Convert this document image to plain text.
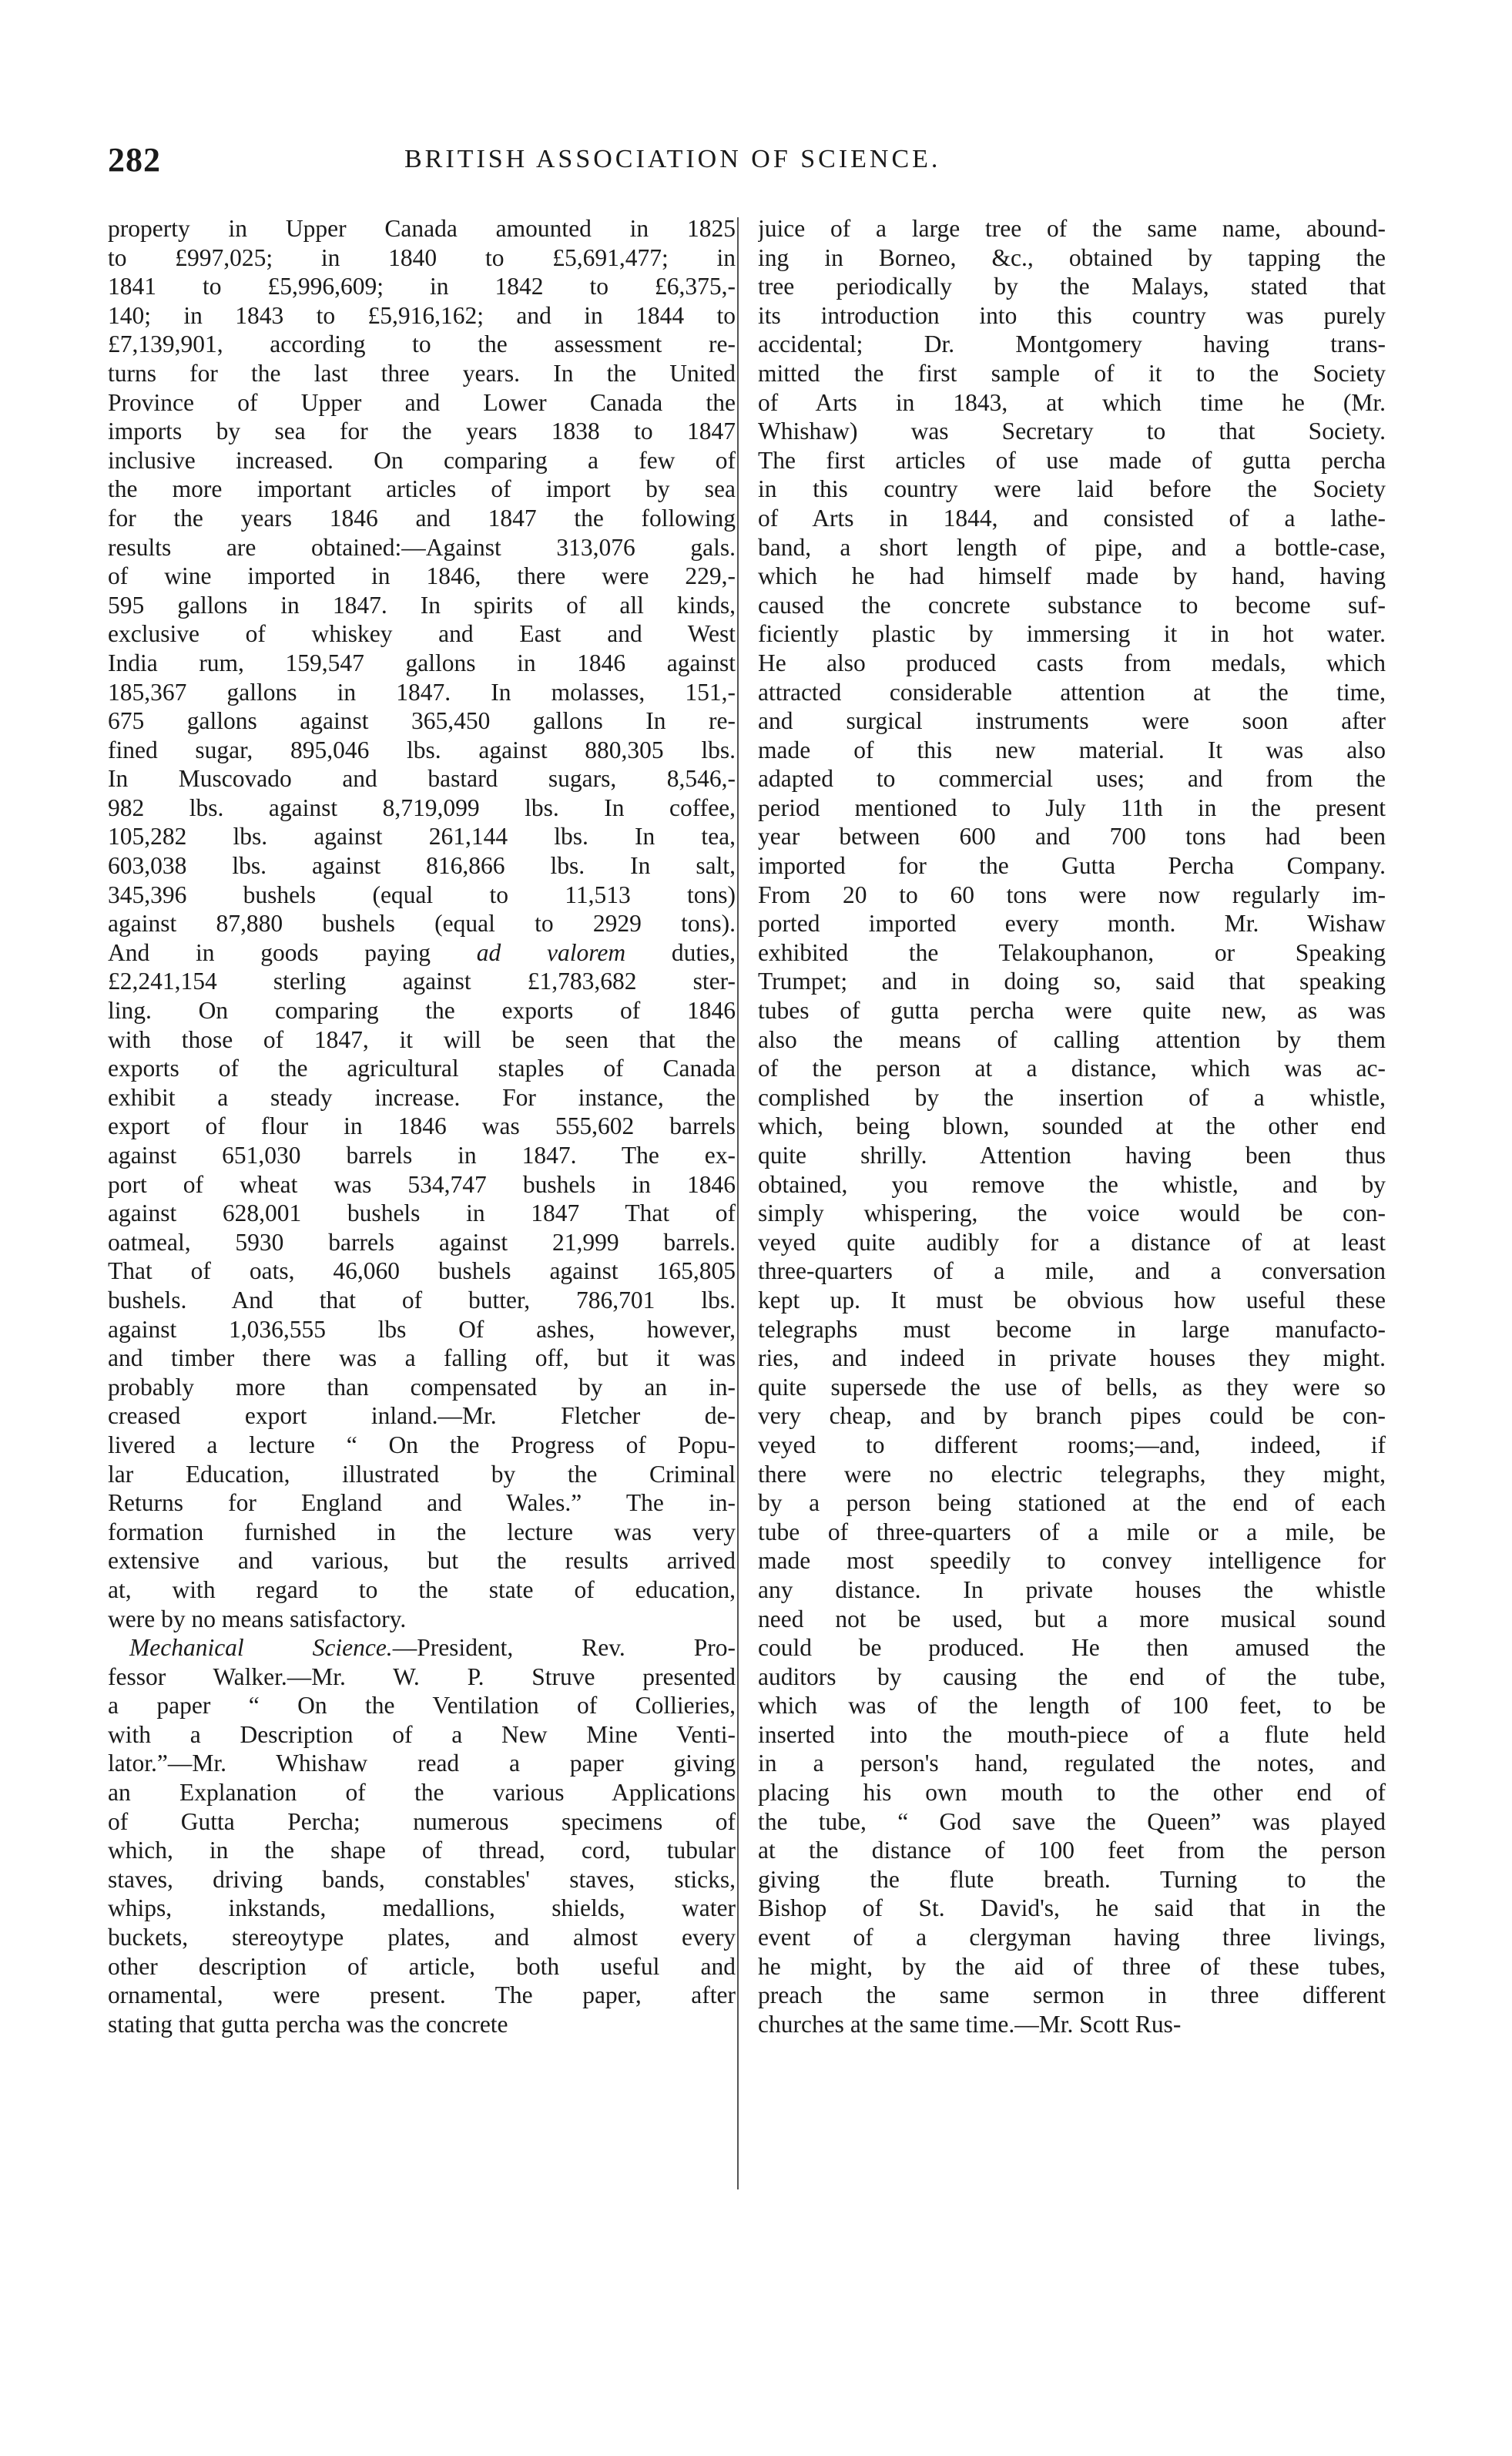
282	BRITISH ASSOCIATION OF SCIENCE.
property in Upper Canada amounted in 1825
to £997,025; in 1840 to £5,691,477; in
1841 to £5,996,609; in 1842 to £6,375,-
140; in 1843 to £5,916,162; and in 1844 to
£7,139,901, according to the assessment re-
turns for the last three years. In the United
Province of Upper and Lower Canada the
imports by sea for the years 1838 to 1847
inclusive increased. On comparing a few of
the more important articles of import by sea
for the years 1846 and 1847 the following
results are obtained:—Against 313,076 gals.
of wine imported in 1846, there were 229,-
595 gallons in 1847. In spirits of all kinds,
exclusive of whiskey and East and West
India rum, 159,547 gallons in 1846 against
185,367 gallons in 1847. In molasses, 151,-
675 gallons against 365,450 gallons In re-
fined sugar, 895,046 lbs. against 880,305 lbs.
In Muscovado and bastard sugars, 8,546,-
982 lbs. against 8,719,099 lbs. In coffee,
105,282 lbs. against 261,144 lbs. In tea,
603,038 lbs. against 816,866 lbs. In salt,
345,396 bushels (equal to 11,513 tons)
against 87,880 bushels (equal to 2929 tons).
And in goods paying ad valorem duties,
£2,241,154 sterling against £1,783,682 ster-
ling. On comparing the exports of 1846
with those of 1847, it will be seen that the
exports of the agricultural staples of Canada
exhibit a steady increase. For instance, the
export of flour in 1846 was 555,602 barrels
against 651,030 barrels in 1847. The ex-
port of wheat was 534,747 bushels in 1846
against 628,001 bushels in 1847 That of
oatmeal, 5930 barrels against 21,999 barrels.
That of oats, 46,060 bushels against 165,805
bushels. And that of butter, 786,701 lbs.
against 1,036,555 lbs Of ashes, however,
and timber there was a falling off, but it was
probably more than compensated by an in-
creased export inland.—Mr. Fletcher de-
livered a lecture “ On the Progress of Popu-
lar Education, illustrated by the Criminal
Returns for England and Wales.” The in-
formation furnished in the lecture was very
extensive and various, but the results arrived
at, with regard to the state of education,
were by no means satisfactory.
Mechanical Science.—President, Rev. Pro-
fessor Walker.—Mr. W. P. Struve presented
a paper “ On the Ventilation of Collieries,
with a Description of a New Mine Venti-
lator.”—Mr. Whishaw read a paper giving
an Explanation of the various Applications
of Gutta Percha; numerous specimens of
which, in the shape of thread, cord, tubular
staves, driving bands, constables' staves, sticks,
whips, inkstands, medallions, shields, water
buckets, stereoytype plates, and almost every
other description of article, both useful and
ornamental, were present. The paper, after
stating that gutta percha was the concrete
juice of a large tree of the same name, abound-
ing in Borneo, &c., obtained by tapping the
tree periodically by the Malays, stated that
its introduction into this country was purely
accidental; Dr. Montgomery having trans-
mitted the first sample of it to the Society
of Arts in 1843, at which time he (Mr.
Whishaw) was Secretary to that Society.
The first articles of use made of gutta percha
in this country were laid before the Society
of Arts in 1844, and consisted of a lathe-
band, a short length of pipe, and a bottle-case,
which he had himself made by hand, having
caused the concrete substance to become suf-
ficiently plastic by immersing it in hot water.
He also produced casts from medals, which
attracted considerable attention at the time,
and surgical instruments were soon after
made of this new material. It was also
adapted to commercial uses; and from the
period mentioned to July 11th in the present
year between 600 and 700 tons had been
imported for the Gutta Percha Company.
From 20 to 60 tons were now regularly im-
ported imported every month. Mr. Wishaw
exhibited the Telakouphanon, or Speaking
Trumpet; and in doing so, said that speaking
tubes of gutta percha were quite new, as was
also the means of calling attention by them
of the person at a distance, which was ac-
complished by the insertion of a whistle,
which, being blown, sounded at the other end
quite shrilly. Attention having been thus
obtained, you remove the whistle, and by
simply whispering, the voice would be con-
veyed quite audibly for a distance of at least
three-quarters of a mile, and a conversation
kept up. It must be obvious how useful these
telegraphs must become in large manufacto-
ries, and indeed in private houses they might.
quite supersede the use of bells, as they were so
very cheap, and by branch pipes could be con-
veyed to different rooms;—and, indeed, if
there were no electric telegraphs, they might,
by a person being stationed at the end of each
tube of three-quarters of a mile or a mile, be
made most speedily to convey intelligence for
any distance. In private houses the whistle
need not be used, but a more musical sound
could be produced. He then amused the
auditors by causing the end of the tube,
which was of the length of 100 feet, to be
inserted into the mouth-piece of a flute held
in a person's hand, regulated the notes, and
placing his own mouth to the other end of
the tube, “ God save the Queen” was played
at the distance of 100 feet from the person
giving the flute breath. Turning to the
Bishop of St. David's, he said that in the
event of a clergyman having three livings,
he might, by the aid of three of these tubes,
preach the same sermon in three different
churches at the same time.—Mr. Scott Rus-
